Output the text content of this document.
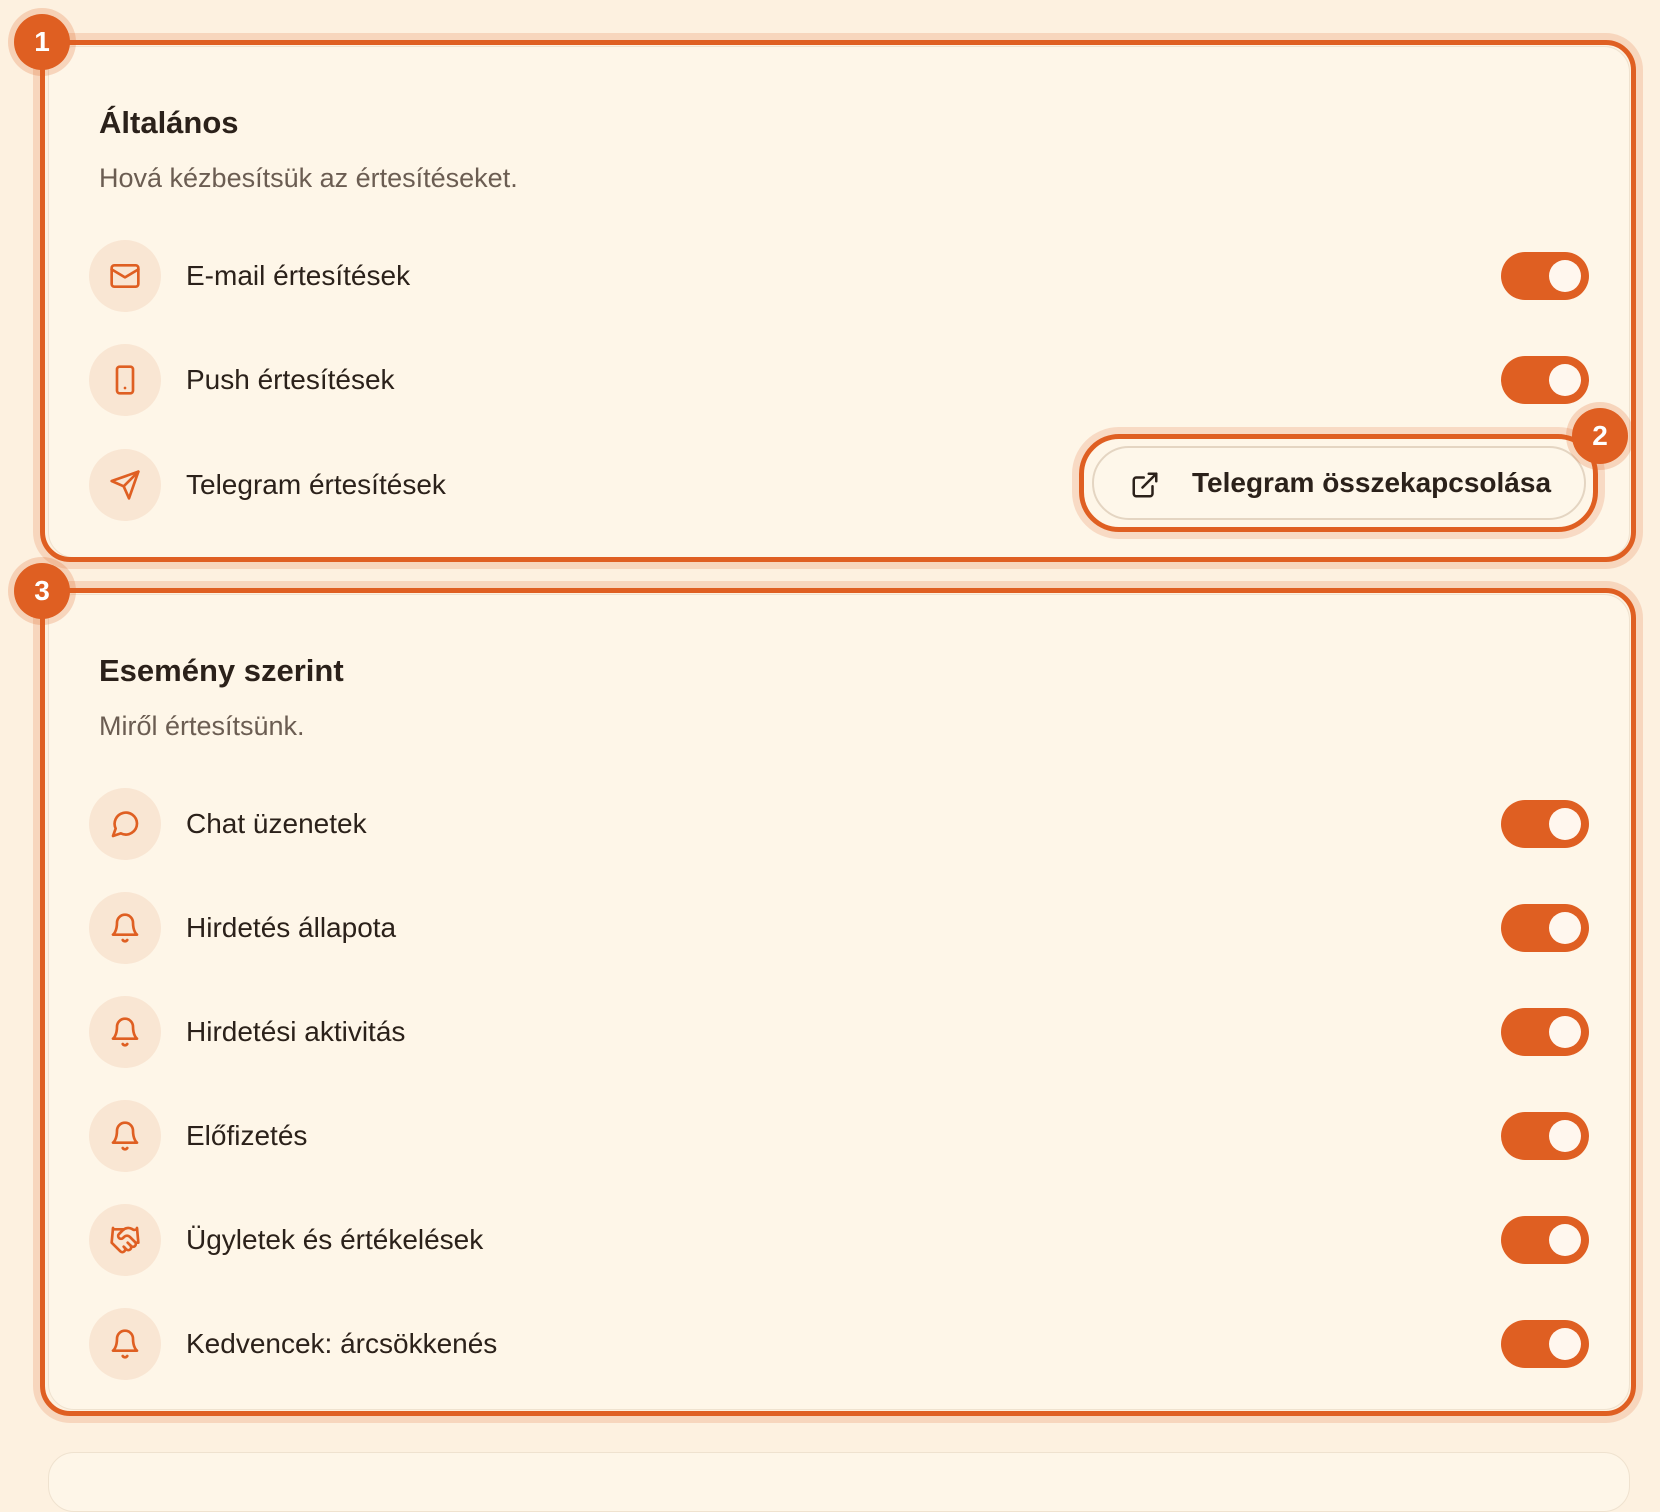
Általános
Hová kézbesítsük az értesítéseket.
E-mail értesítések
Push értesítések
Telegram értesítések	Telegram összekapcsolása
Esemény szerint
Miről értesítsünk.
Chat üzenetek
Hirdetés állapota
Hirdetési aktivitás
Előfizetés
Ügyletek és értékelések
Kedvencek: árcsökkenés
1
2
3
